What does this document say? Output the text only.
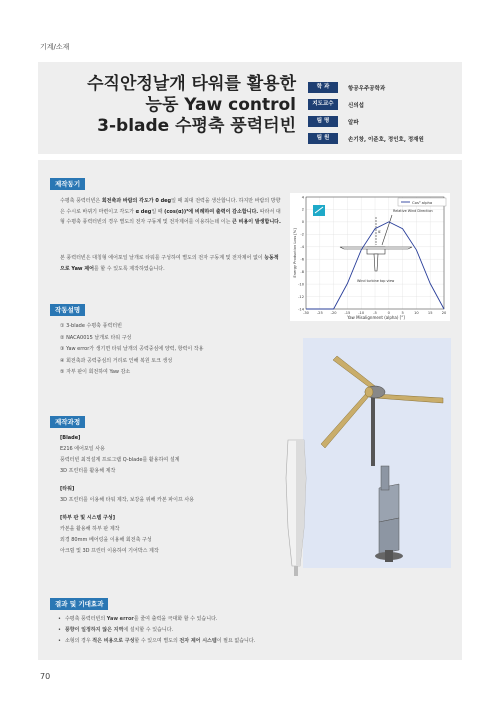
기계/소재
수직안정날개 타워를 활용한
능동 Yaw control
3-blade 수평축 풍력터빈
학 과	항공우주공학과
지도교수	신의섭
팀 명	알파
팀 원	손기창, 이준호, 정인호, 정재원
제작동기
수평축 풍력터빈은 회전축과 바람의 각도가 0 deg일 때 최대 전력을 생산합니다. 하지만 바람의 방향은 수시로 바뀌기 마련이고 각도가 α deg일 때 (cos(α))³에 비례하여 출력이 감소합니다. 따라서 대형 수평축 풍력터빈의 경우 별도의 전자 구동계 및 전자제어를 이용하는데 이는 큰 비용이 발생합니다.
본 풍력터빈은 대칭형 에어포일 날개로 타워를 구성하여 별도의 전자 구동계 및 전자제어 없이 능동적으로 Yaw 제어를 할 수 있도록 제작하였습니다.
-30 -25 -20 -15 -10	-5	0	5	10	15	20
4
2
0
-2
-4
-6
-8
-10
-12
-14
Cos³ alpha
Relative Wind Direction
α
Wind turbine top view
Yaw Misalignment (alpha) [°]
Energy Production Loss [%]
작동설명
① 3-blade 수평축 풍력터빈
② NACA0015 날개로 타워 구성
③ Yaw error가 생기면 타워 날개의 공력중심에 양력, 항력이 작용
④ 회전축과 공력중심의 거리로 인해 복원 토크 생성
⑤ 자부 판이 회전하여 Yaw 감소
제작과정
[Blade]
E216 에어포일 사용
풍력터빈 최적설계 프로그램 Q-blade를 활용하여 설계
3D 프린터를 활용해 제작
[타워]
3D 프린터를 이용해 타워 제작, 보강을 위해 카본 파이프 사용
[하부 판 및 시스템 구성]
카본을 활용해 하부 판 제작
외경 80mm 베어링을 이용해 회전축 구성
아크릴 및 3D 프린터 이용하여 기어박스 제작
결과 및 기대효과
• 수평축 풍력터빈의 Yaw error를 줄여 출력을 극대화 할 수 있습니다.
• 풍향이 일정하지 않은 지역에 설치할 수 있습니다.
• 소형의 경우 적은 비용으로 구성할 수 있으며 별도의 전자 제어 시스템이 필요 없습니다.
70
